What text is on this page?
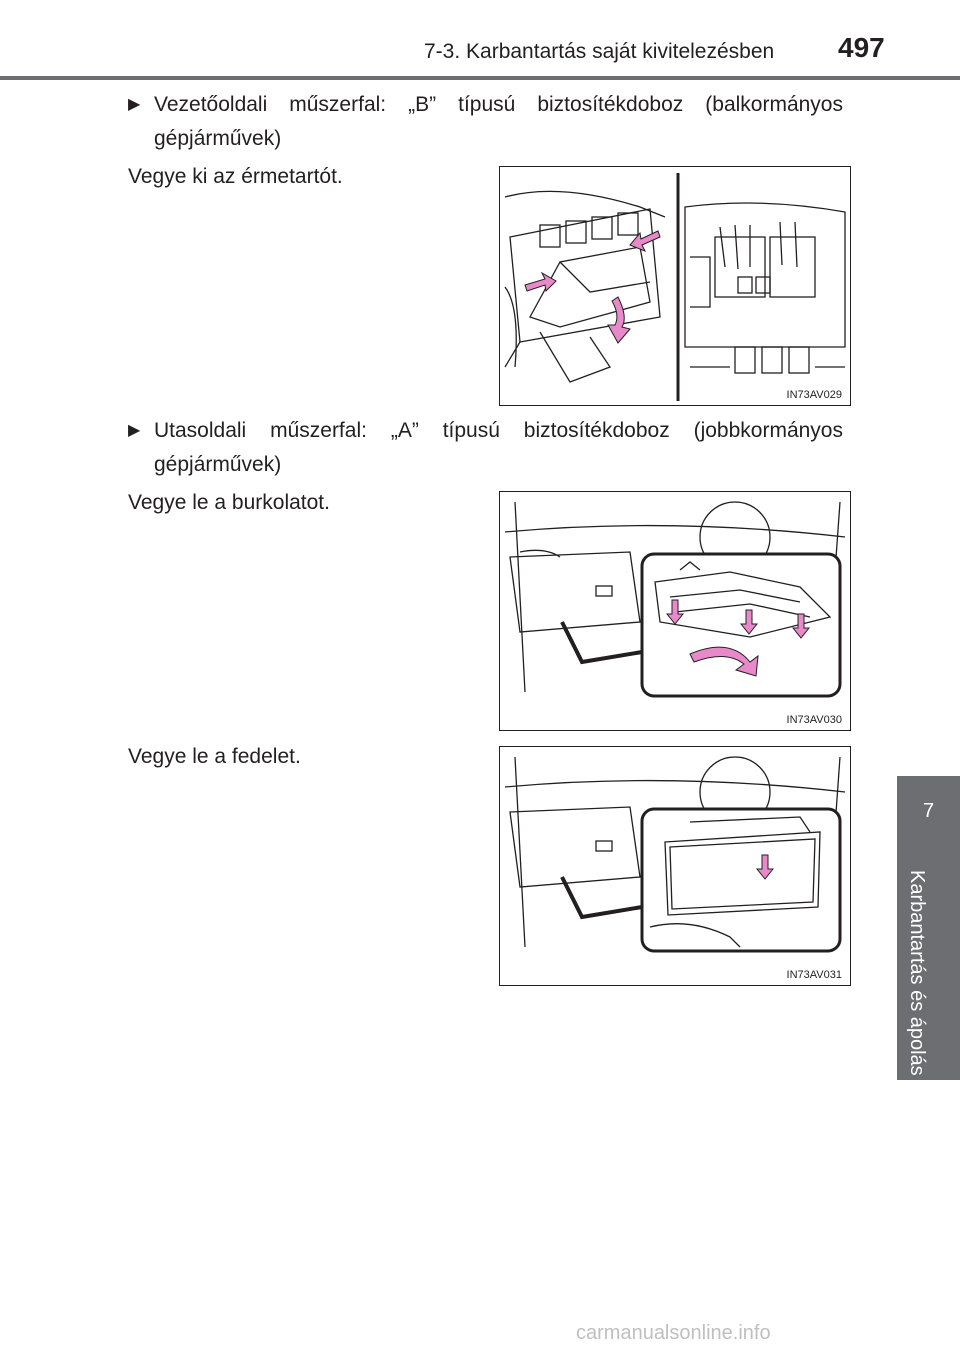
7-3. Karbantartás saját kivitelezésben 497
7
Karbantartás és ápolás
▶ Vezetőoldali műszerfal: „B” típusú biztosítékdoboz (balkormányos
gépjárművek)
Vegye ki az érmetartót.
IN73AV029
▶ Utasoldali műszerfal: „A” típusú biztosítékdoboz (jobbkormányos
gépjárművek)
Vegye le a burkolatot.
IN73AV030
Vegye le a fedelet.
IN73AV031
carmanualsonline.info
